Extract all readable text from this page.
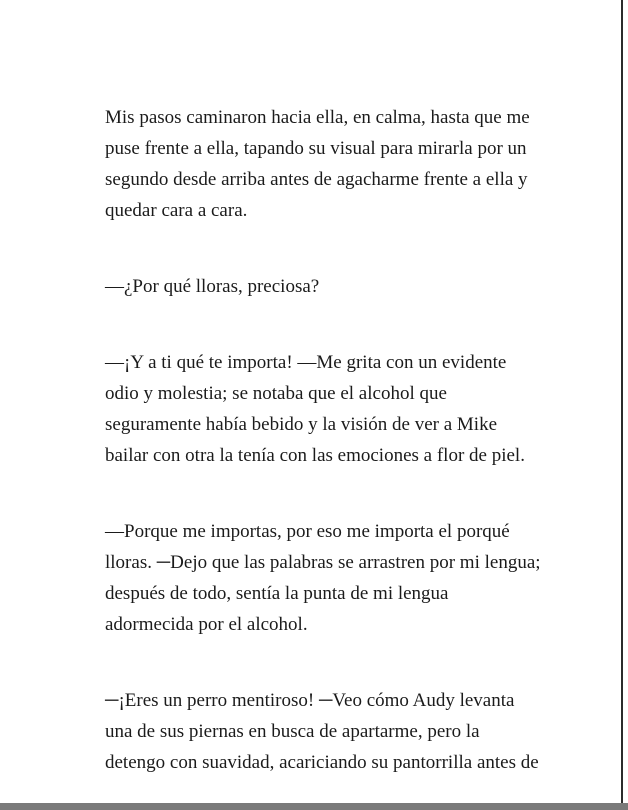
Mis pasos caminaron hacia ella, en calma, hasta que me
puse frente a ella, tapando su visual para mirarla por un
segundo desde arriba antes de agacharme frente a ella y
quedar cara a cara.

—¿Por qué lloras, preciosa?

—¡Y a ti qué te importa! —Me grita con un evidente
odio y molestia; se notaba que el alcohol que
seguramente había bebido y la visión de ver a Mike
bailar con otra la tenía con las emociones a flor de piel.

—Porque me importas, por eso me importa el porqué
lloras. ─Dejo que las palabras se arrastren por mi lengua;
después de todo, sentía la punta de mi lengua
adormecida por el alcohol.

─¡Eres un perro mentiroso! ─Veo cómo Audy levanta
una de sus piernas en busca de apartarme, pero la
detengo con suavidad, acariciando su pantorrilla antes de
